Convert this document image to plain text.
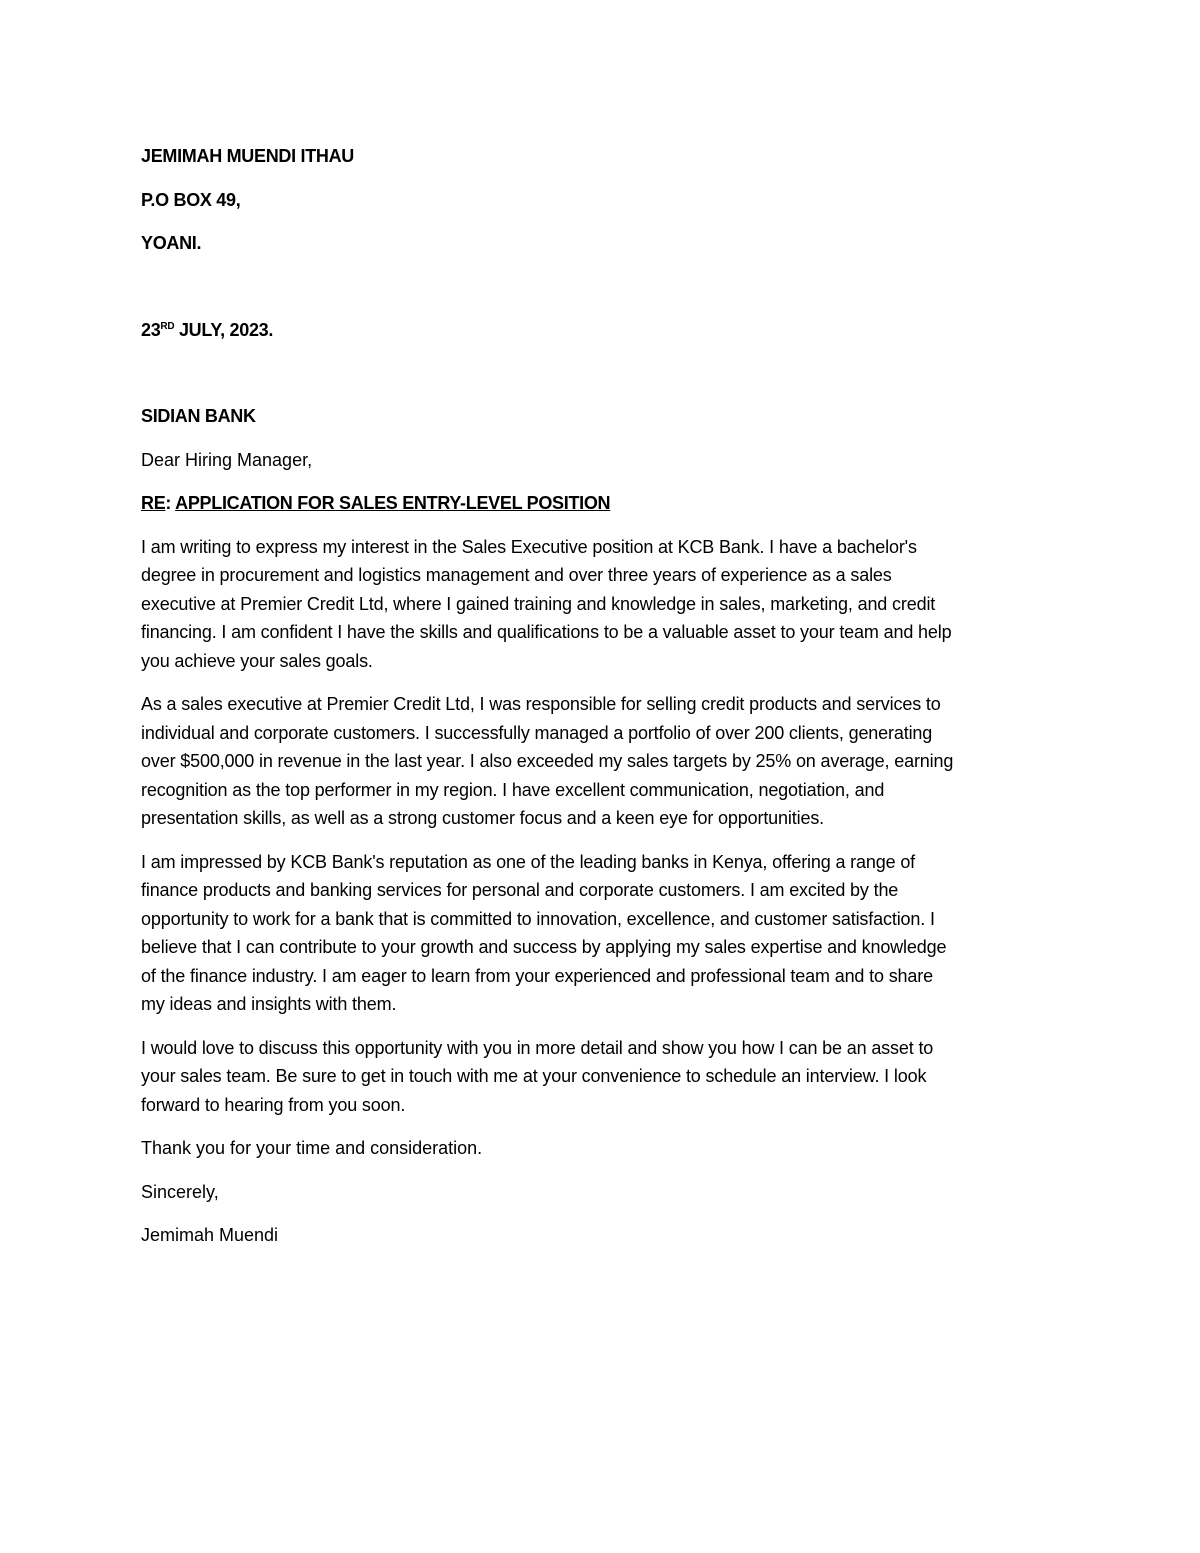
JEMIMAH MUENDI ITHAU

P.O BOX 49,

YOANI.

23RD JULY, 2023.

SIDIAN BANK

Dear Hiring Manager,

RE: APPLICATION FOR SALES ENTRY-LEVEL POSITION

I am writing to express my interest in the Sales Executive position at KCB Bank. I have a bachelor's
degree in procurement and logistics management and over three years of experience as a sales
executive at Premier Credit Ltd, where I gained training and knowledge in sales, marketing, and credit
financing. I am confident I have the skills and qualifications to be a valuable asset to your team and help
you achieve your sales goals.

As a sales executive at Premier Credit Ltd, I was responsible for selling credit products and services to
individual and corporate customers. I successfully managed a portfolio of over 200 clients, generating
over $500,000 in revenue in the last year. I also exceeded my sales targets by 25% on average, earning
recognition as the top performer in my region. I have excellent communication, negotiation, and
presentation skills, as well as a strong customer focus and a keen eye for opportunities.

I am impressed by KCB Bank's reputation as one of the leading banks in Kenya, offering a range of
finance products and banking services for personal and corporate customers. I am excited by the
opportunity to work for a bank that is committed to innovation, excellence, and customer satisfaction. I
believe that I can contribute to your growth and success by applying my sales expertise and knowledge
of the finance industry. I am eager to learn from your experienced and professional team and to share
my ideas and insights with them.

I would love to discuss this opportunity with you in more detail and show you how I can be an asset to
your sales team. Be sure to get in touch with me at your convenience to schedule an interview. I look
forward to hearing from you soon.

Thank you for your time and consideration.

Sincerely,

Jemimah Muendi
